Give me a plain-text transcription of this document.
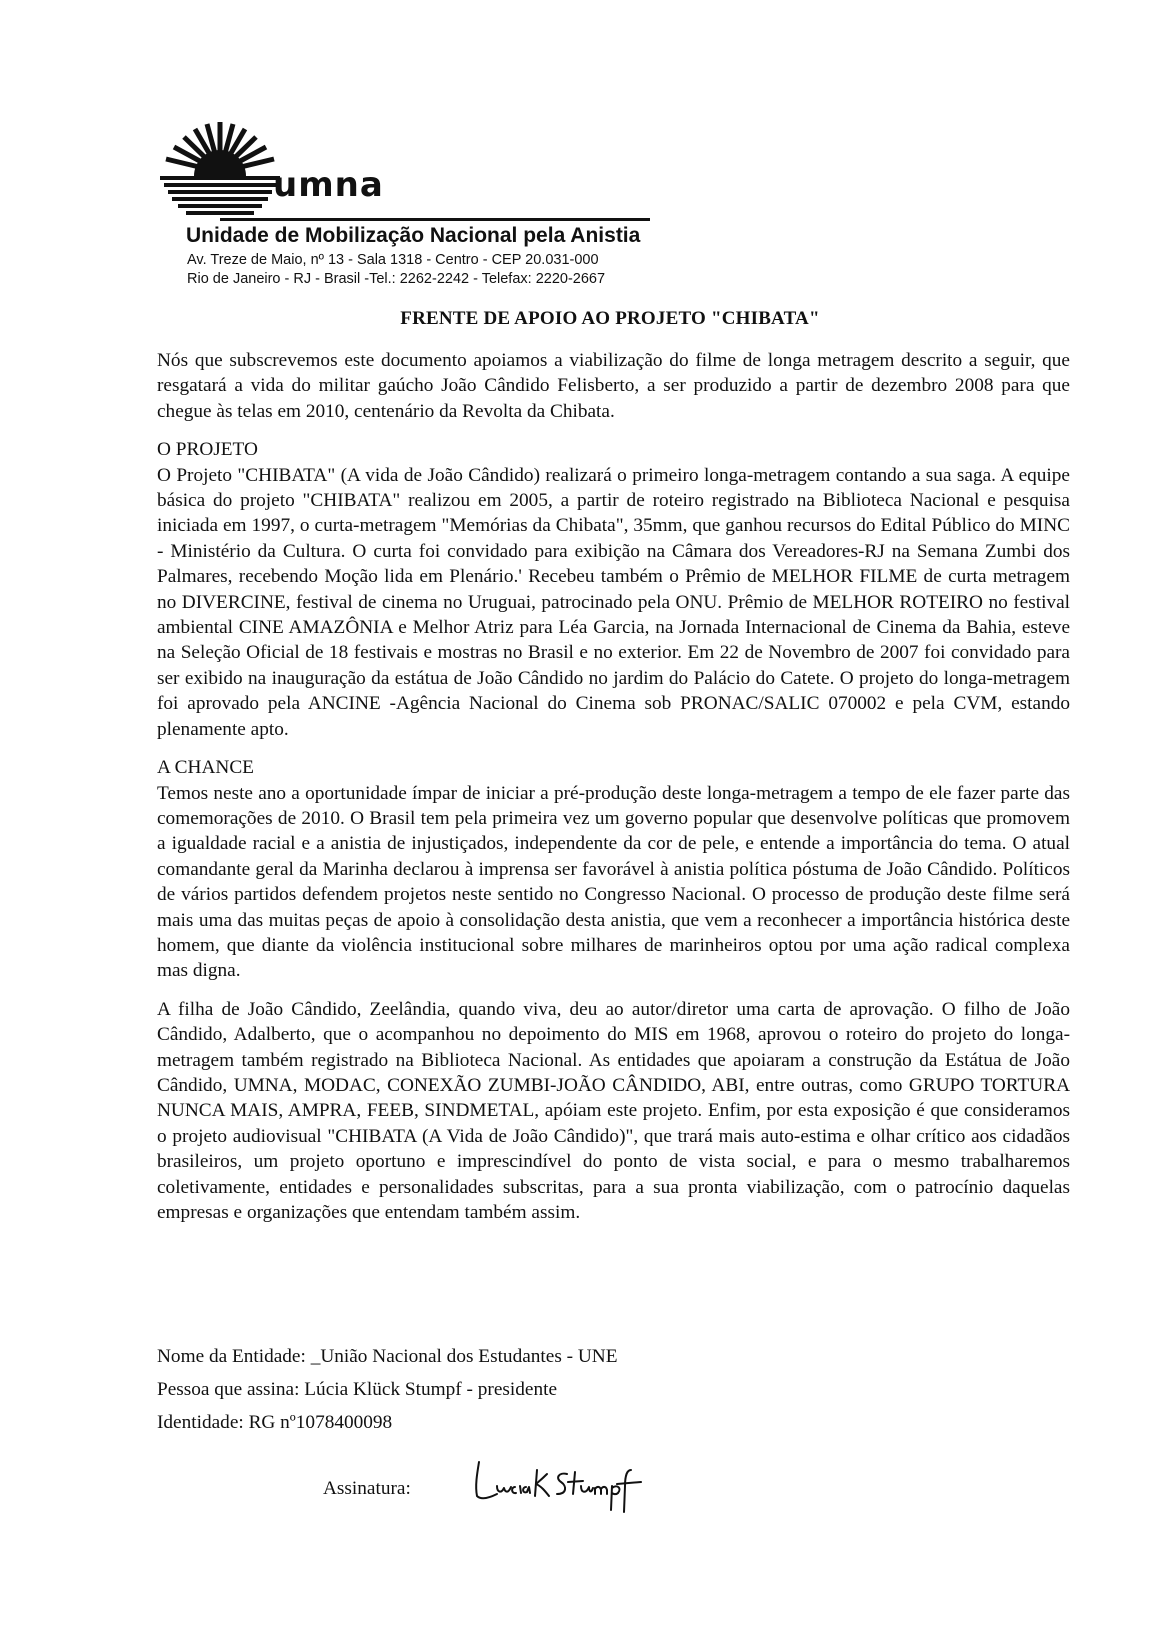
umna
Unidade de Mobilização Nacional pela Anistia
Av. Treze de Maio, nº 13 - Sala 1318 - Centro - CEP 20.031-000
Rio de Janeiro - RJ - Brasil -Tel.: 2262-2242 - Telefax: 2220-2667
FRENTE DE APOIO AO PROJETO "CHIBATA"

Nós que subscrevemos este documento apoiamos a viabilização do filme de longa metragem descrito a seguir, que resgatará a vida do militar gaúcho João Cândido Felisberto, a ser produzido a partir de dezembro 2008 para que chegue às telas em 2010, centenário da Revolta da Chibata.

O PROJETO

O Projeto "CHIBATA" (A vida de João Cândido) realizará o primeiro longa-metragem contando a sua saga. A equipe básica do projeto "CHIBATA" realizou em 2005, a partir de roteiro registrado na Biblioteca Nacional e pesquisa iniciada em 1997, o curta-metragem "Memórias da Chibata", 35mm, que ganhou recursos do Edital Público do MINC - Ministério da Cultura. O curta foi convidado para exibição na Câmara dos Vereadores-RJ na Semana Zumbi dos Palmares, recebendo Moção lida em Plenário.' Recebeu também o Prêmio de MELHOR FILME de curta metragem no DIVERCINE, festival de cinema no Uruguai, patrocinado pela ONU. Prêmio de MELHOR ROTEIRO no festival ambiental CINE AMAZÔNIA e Melhor Atriz para Léa Garcia, na Jornada Internacional de Cinema da Bahia, esteve na Seleção Oficial de 18 festivais e mostras no Brasil e no exterior. Em 22 de Novembro de 2007 foi convidado para ser exibido na inauguração da estátua de João Cândido no jardim do Palácio do Catete. O projeto do longa-metragem foi aprovado pela ANCINE -Agência Nacional do Cinema sob PRONAC/SALIC 070002 e pela CVM, estando plenamente apto.

A CHANCE

Temos neste ano a oportunidade ímpar de iniciar a pré-produção deste longa-metragem a tempo de ele fazer parte das comemorações de 2010. O Brasil tem pela primeira vez um governo popular que desenvolve políticas que promovem a igualdade racial e a anistia de injustiçados, independente da cor de pele, e entende a importância do tema. O atual comandante geral da Marinha declarou à imprensa ser favorável à anistia política póstuma de João Cândido. Políticos de vários partidos defendem projetos neste sentido no Congresso Nacional. O processo de produção deste filme será mais uma das muitas peças de apoio à consolidação desta anistia, que vem a reconhecer a importância histórica deste homem, que diante da violência institucional sobre milhares de marinheiros optou por uma ação radical complexa mas digna.

A filha de João Cândido, Zeelândia, quando viva, deu ao autor/diretor uma carta de aprovação. O filho de João Cândido, Adalberto, que o acompanhou no depoimento do MIS em 1968, aprovou o roteiro do projeto do longa-metragem também registrado na Biblioteca Nacional. As entidades que apoiaram a construção da Estátua de João Cândido, UMNA, MODAC, CONEXÃO ZUMBI-JOÃO CÂNDIDO, ABI, entre outras, como GRUPO TORTURA NUNCA MAIS, AMPRA, FEEB, SINDMETAL, apóiam este projeto. Enfim, por esta exposição é que consideramos o projeto audiovisual "CHIBATA (A Vida de João Cândido)", que trará mais auto-estima e olhar crítico aos cidadãos brasileiros, um projeto oportuno e imprescindível do ponto de vista social, e para o mesmo trabalharemos coletivamente, entidades e personalidades subscritas, para a sua pronta viabilização, com o patrocínio daquelas empresas e organizações que entendam também assim.

Nome da Entidade: _União Nacional dos Estudantes - UNE
Pessoa que assina: Lúcia Klück Stumpf - presidente
Identidade: RG nº1078400098
Assinatura:
